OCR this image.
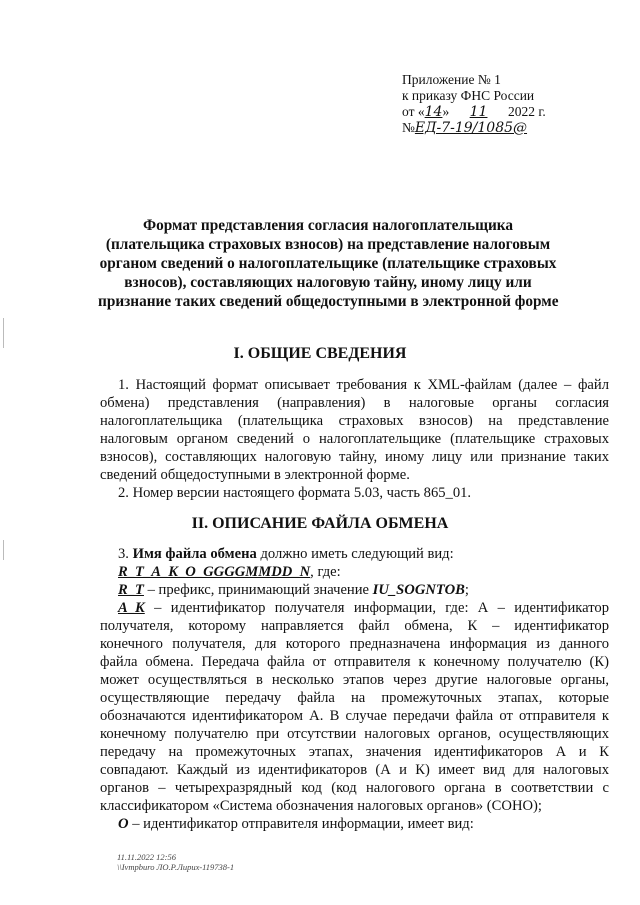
Приложение № 1
к приказу ФНС России
от «14» 11 2022 г.
№ЕД-7-19/1085@
Формат представления согласия налогоплательщика
(плательщика страховых взносов) на представление налоговым
органом сведений о налогоплательщике (плательщике страховых
взносов), составляющих налоговую тайну, иному лицу или
признание таких сведений общедоступными в электронной форме
I. ОБЩИЕ СВЕДЕНИЯ
1. Настоящий формат описывает требования к XML-файлам (далее – файл
обмена) представления (направления) в налоговые органы согласия
налогоплательщика (плательщика страховых взносов) на представление
налоговым органом сведений о налогоплательщике (плательщике страховых
взносов), составляющих налоговую тайну, иному лицу или признание таких
сведений общедоступными в электронной форме.
2. Номер версии настоящего формата 5.03, часть 865_01.
II. ОПИСАНИЕ ФАЙЛА ОБМЕНА
3. Имя файла обмена должно иметь следующий вид:
R_T_A_K_O_GGGGMMDD_N, где:
R_T – префикс, принимающий значение IU_SOGNTOB;
A_K – идентификатор получателя информации, где: А – идентификатор
получателя, которому направляется файл обмена, К – идентификатор
конечного получателя, для которого предназначена информация из данного
файла обмена. Передача файла от отправителя к конечному получателю (К)
может осуществляться в несколько этапов через другие налоговые органы,
осуществляющие передачу файла на промежуточных этапах, которые
обозначаются идентификатором А. В случае передачи файла от отправителя к
конечному получателю при отсутствии налоговых органов, осуществляющих
передачу на промежуточных этапах, значения идентификаторов А и К
совпадают. Каждый из идентификаторов (А и К) имеет вид для налоговых
органов – четырехразрядный код (код налогового органа в соответствии с
классификатором «Система обозначения налоговых органов» (СОНО);
O – идентификатор отправителя информации, имеет вид:
11.11.2022 12:56
\\Ivmpburo ЛО.Р.Лирих-119738-1
